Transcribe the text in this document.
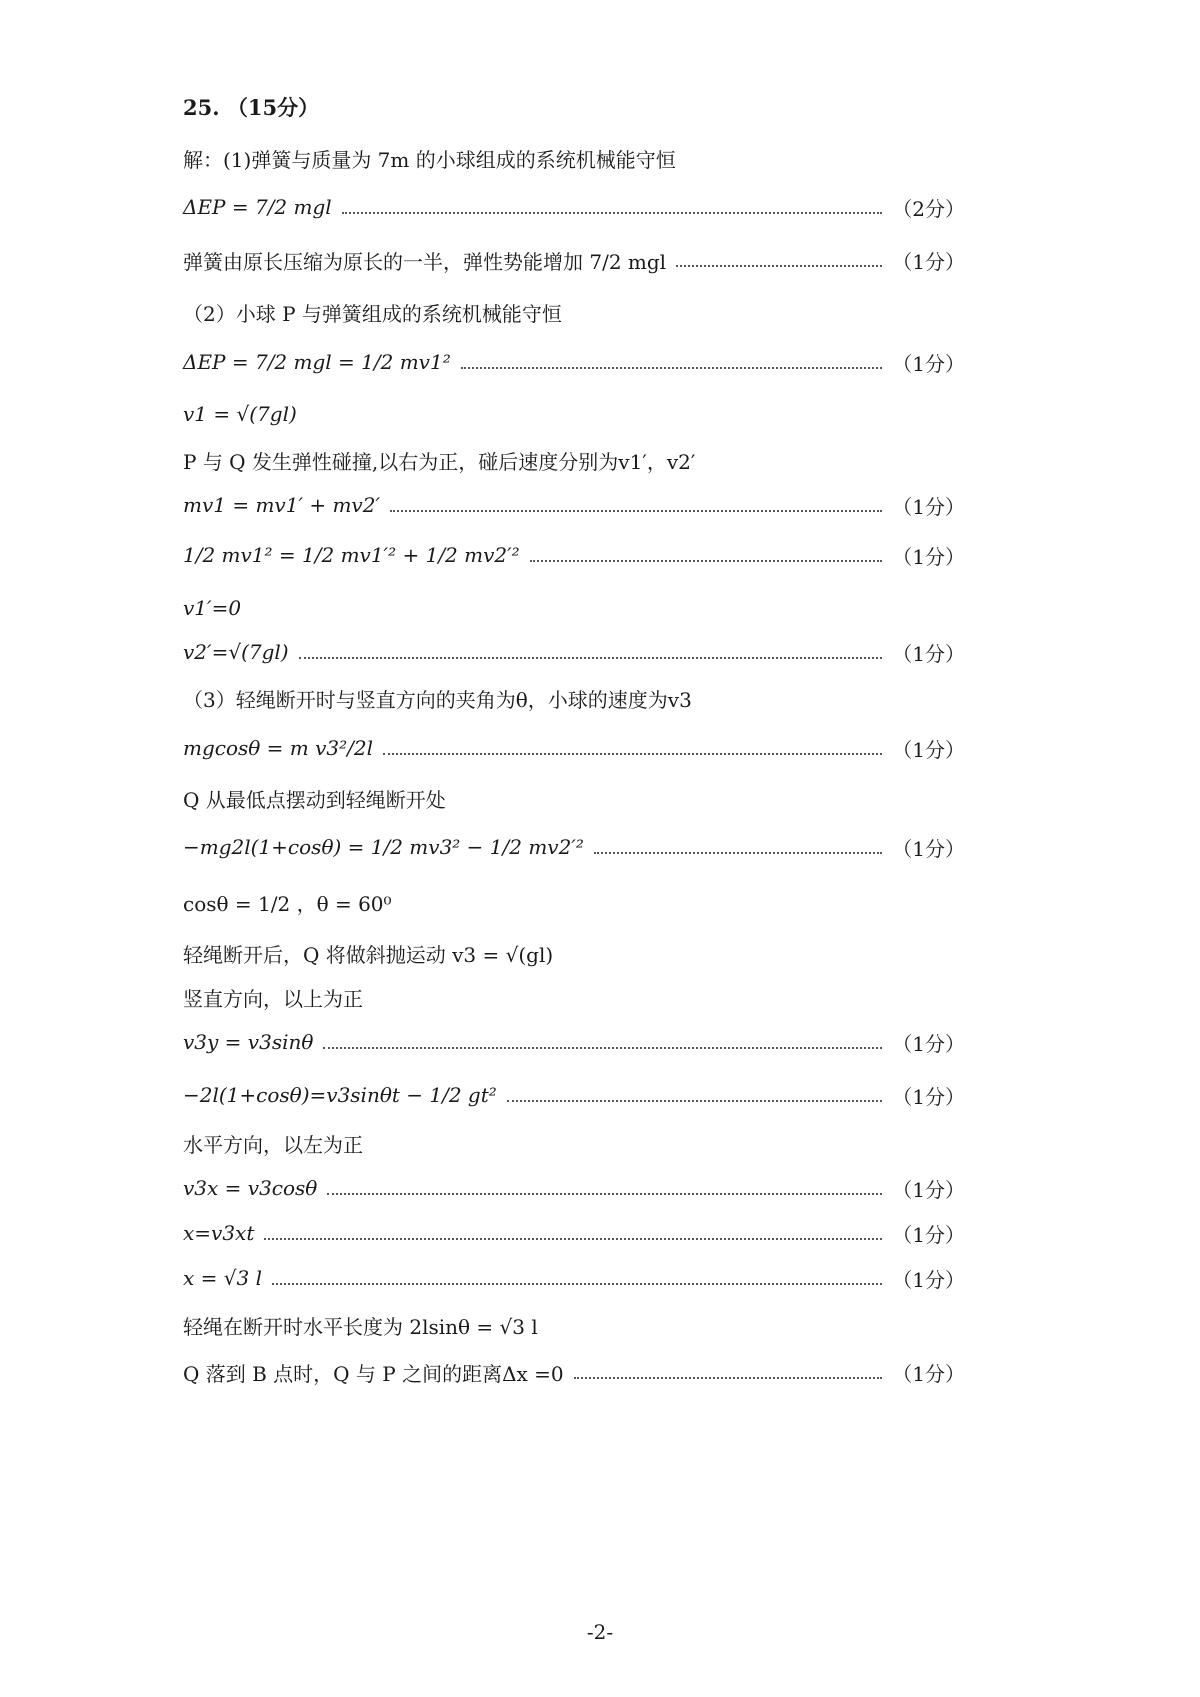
25. （15分）
解：(1)弹簧与质量为 7m 的小球组成的系统机械能守恒
ΔEP = 7/2 mgl	（2分）
弹簧由原长压缩为原长的一半，弹性势能增加 7/2 mgl	（1分）
（2）小球 P 与弹簧组成的系统机械能守恒
ΔEP = 7/2 mgl = 1/2 mv1²	（1分）
v1 = √(7gl)
P 与 Q 发生弹性碰撞,以右为正，碰后速度分别为v1′，v2′
mv1 = mv1′ + mv2′	（1分）
1/2 mv1² = 1/2 mv1′² + 1/2 mv2′²	（1分）
v1′=0
v2′=√(7gl)	（1分）
（3）轻绳断开时与竖直方向的夹角为θ，小球的速度为v3
mgcosθ = m v3²/2l	（1分）
Q 从最低点摆动到轻绳断开处
−mg2l(1+cosθ) = 1/2 mv3² − 1/2 mv2′²	（1分）
cosθ = 1/2 ，θ = 60⁰
轻绳断开后，Q 将做斜抛运动 v3 = √(gl)
竖直方向，以上为正
v3y = v3sinθ	（1分）
−2l(1+cosθ)=v3sinθt − 1/2 gt²	（1分）
水平方向，以左为正
v3x = v3cosθ	（1分）
x=v3xt	（1分）
x = √3 l	（1分）
轻绳在断开时水平长度为 2lsinθ = √3 l
Q 落到 B 点时，Q 与 P 之间的距离Δx =0	（1分）
-2-
